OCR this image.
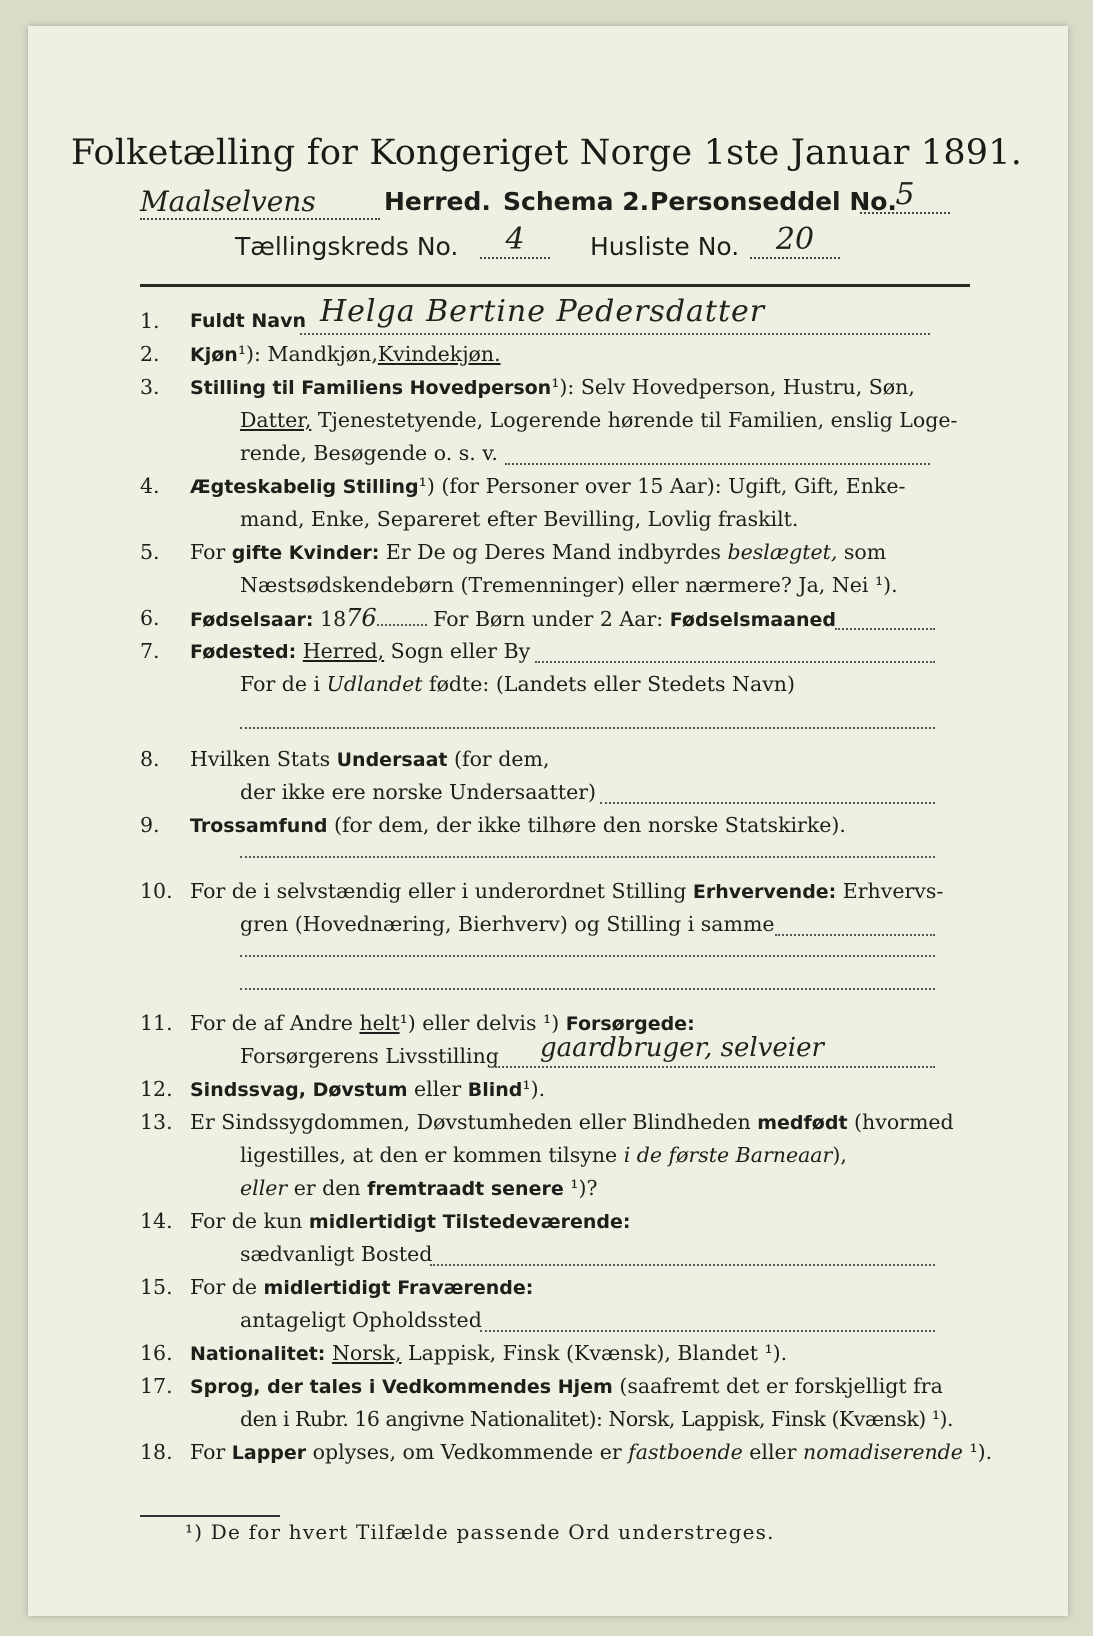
Folketælling for Kongeriget Norge 1ste Januar 1891.
Maalselvens	Herred. Schema 2. Personseddel No.
5
Tællingskreds No.	4	Husliste No.	20
1.	Fuldt Navn Helga Bertine Pedersdatter
2.	Kjøn¹): Mandkjøn,Kvindekjøn.
3.	Stilling til Familiens Hovedperson¹): Selv Hovedperson, Hustru, Søn,
Datter, Tjenestetyende, Logerende hørende til Familien, enslig Loge-
rende, Besøgende o. s. v.
4.	Ægteskabelig Stilling¹) (for Personer over 15 Aar): Ugift, Gift, Enke-
mand, Enke, Separeret efter Bevilling, Lovlig fraskilt.
5.	For gifte Kvinder: Er De og Deres Mand indbyrdes beslægtet, som
Næstsødskendebørn (Tremenninger) eller nærmere? Ja, Nei ¹).
6.	Fødselsaar: 1876	For Børn under 2 Aar: Fødselsmaaned
7.	Fødested: Herred, Sogn eller By
For de i Udlandet fødte: (Landets eller Stedets Navn)
8.	Hvilken Stats Undersaat (for dem,
der ikke ere norske Undersaatter)
9.	Trossamfund (for dem, der ikke tilhøre den norske Statskirke).
10. For de i selvstændig eller i underordnet Stilling Erhvervende: Erhvervs-
gren (Hovednæring, Bierhverv) og Stilling i samme
11. For de af Andre helt¹) eller delvis ¹) Forsørgede:
Forsørgerens Livsstilling gaardbruger, selveier
12. Sindssvag, Døvstum eller Blind¹).
13. Er Sindssygdommen, Døvstumheden eller Blindheden medfødt (hvormed
ligestilles, at den er kommen tilsyne i de første Barneaar),
eller er den fremtraadt senere ¹)?
14. For de kun midlertidigt Tilstedeværende:
sædvanligt Bosted
15. For de midlertidigt Fraværende:
antageligt Opholdssted
16. Nationalitet: Norsk, Lappisk, Finsk (Kvænsk), Blandet ¹).
17. Sprog, der tales i Vedkommendes Hjem (saafremt det er forskjelligt fra
den i Rubr. 16 angivne Nationalitet): Norsk, Lappisk, Finsk (Kvænsk) ¹).
18. For Lapper oplyses, om Vedkommende er fastboende eller nomadiserende ¹).
¹) De for hvert Tilfælde passende Ord understreges.
